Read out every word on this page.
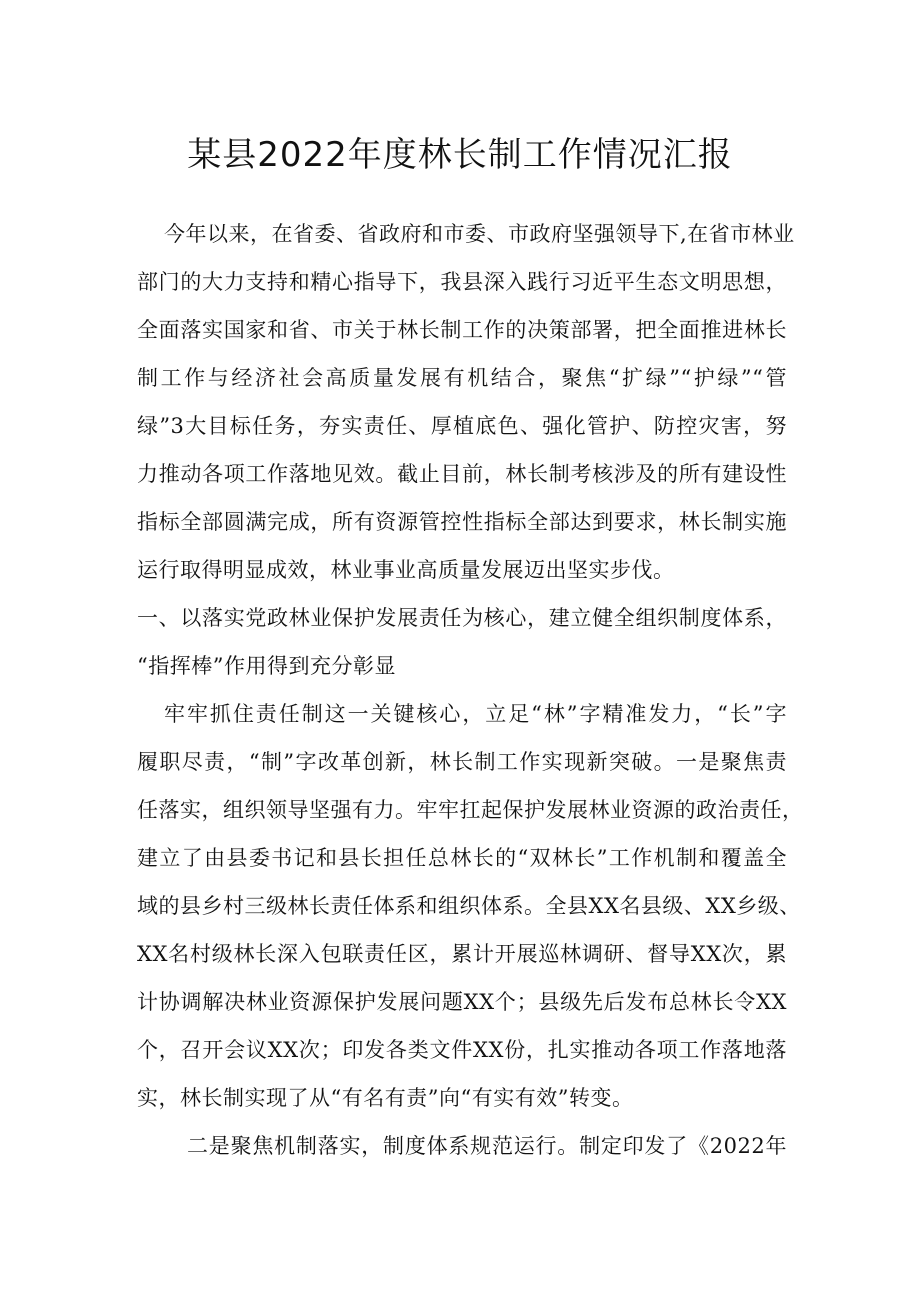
某县2022年度林长制工作情况汇报
今年以来，在省委、省政府和市委、市政府坚强领导下,在省市林业
部门的大力支持和精心指导下，我县深入践行习近平生态文明思想，
全面落实国家和省、市关于林长制工作的决策部署，把全面推进林长
制工作与经济社会高质量发展有机结合，聚焦“扩绿”“护绿”“管
绿”3大目标任务，夯实责任、厚植底色、强化管护、防控灾害，努
力推动各项工作落地见效。截止目前，林长制考核涉及的所有建设性
指标全部圆满完成，所有资源管控性指标全部达到要求，林长制实施
运行取得明显成效，林业事业高质量发展迈出坚实步伐。
一、以落实党政林业保护发展责任为核心，建立健全组织制度体系，
“指挥棒”作用得到充分彰显
牢牢抓住责任制这一关键核心，立足“林”字精准发力，“长”字
履职尽责，“制”字改革创新，林长制工作实现新突破。一是聚焦责
任落实，组织领导坚强有力。牢牢扛起保护发展林业资源的政治责任，
建立了由县委书记和县长担任总林长的“双林长”工作机制和覆盖全
域的县乡村三级林长责任体系和组织体系。全县XX名县级、XX乡级、
XX名村级林长深入包联责任区，累计开展巡林调研、督导XX次，累
计协调解决林业资源保护发展问题XX个；县级先后发布总林长令XX
个，召开会议XX次；印发各类文件XX份，扎实推动各项工作落地落
实，林长制实现了从“有名有责”向“有实有效”转变。
二是聚焦机制落实，制度体系规范运行。制定印发了《2022年
